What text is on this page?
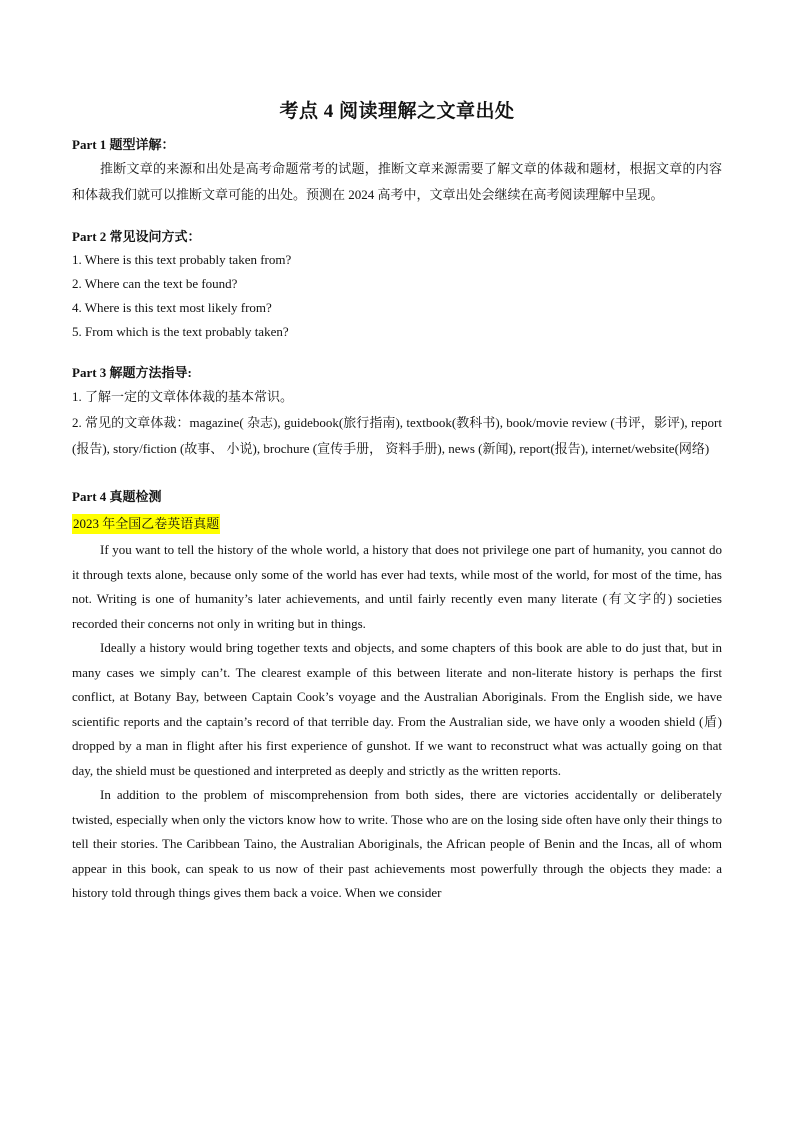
考点 4 阅读理解之文章出处
Part 1 题型详解：

推断文章的来源和出处是高考命题常考的试题，推断文章来源需要了解文章的体裁和题材，根据文章的内容和体裁我们就可以推断文章可能的出处。预测在 2024 高考中，文章出处会继续在高考阅读理解中呈现。

Part 2 常见设问方式：
1. Where is this text probably taken from?
2. Where can the text be found?
4. Where is this text most likely from?
5. From which is the text probably taken?
Part 3 解题方法指导:

1. 了解一定的文章体体裁的基本常识。

2. 常见的文章体裁：magazine( 杂志), guidebook(旅行指南), textbook(教科书), book/movie review (书评，影评), report (报告), story/fiction (故事、 小说), brochure (宣传手册， 资料手册), news (新闻), report(报告), internet/website(网络)

Part 4 真题检测
2023 年全国乙卷英语真题

If you want to tell the history of the whole world, a history that does not privilege one part of humanity, you cannot do it through texts alone, because only some of the world has ever had texts, while most of the world, for most of the time, has not. Writing is one of humanity’s later achievements, and until fairly recently even many literate (有文字的) societies recorded their concerns not only in writing but in things.

Ideally a history would bring together texts and objects, and some chapters of this book are able to do just that, but in many cases we simply can’t. The clearest example of this between literate and non-literate history is perhaps the first conflict, at Botany Bay, between Captain Cook’s voyage and the Australian Aboriginals. From the English side, we have scientific reports and the captain’s record of that terrible day. From the Australian side, we have only a wooden shield (盾) dropped by a man in flight after his first experience of gunshot. If we want to reconstruct what was actually going on that day, the shield must be questioned and interpreted as deeply and strictly as the written reports.

In addition to the problem of miscomprehension from both sides, there are victories accidentally or deliberately twisted, especially when only the victors know how to write. Those who are on the losing side often have only their things to tell their stories. The Caribbean Taino, the Australian Aboriginals, the African people of Benin and the Incas, all of whom appear in this book, can speak to us now of their past achievements most powerfully through the objects they made: a history told through things gives them back a voice. When we consider
